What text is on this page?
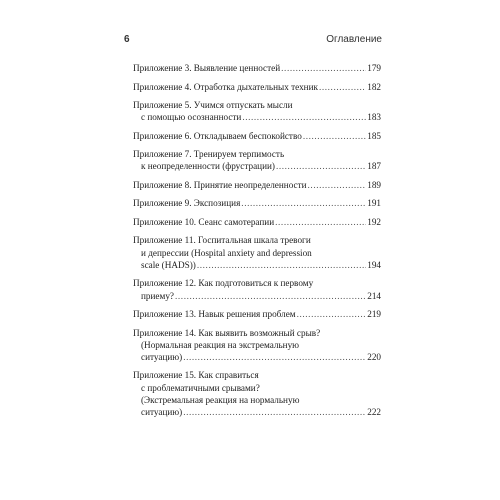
6	Оглавление
Приложение 3. Выявление ценностей .....	179
Приложение 4. Отработка дыхательных техник .....	182
Приложение 5. Учимся отпускать мысли
с помощью осознанности .....	183
Приложение 6. Откладываем беспокойство .....	185
Приложение 7. Тренируем терпимость
к неопределенности (фрустрации) .....	187
Приложение 8. Принятие неопределенности .....	189
Приложение 9. Экспозиция .....	191
Приложение 10. Сеанс самотерапии .....	192
Приложение 11. Госпитальная шкала тревоги
и депрессии (Hospital anxiety and depression
scale (HADS)) .....	194
Приложение 12. Как подготовиться к первому
приему? .....	214
Приложение 13. Навык решения проблем .....	219
Приложение 14. Как выявить возможный срыв?
(Нормальная реакция на экстремальную
ситуацию) .....	220
Приложение 15. Как справиться
с проблематичными срывами?
(Экстремальная реакция на нормальную
ситуацию) .....	222
